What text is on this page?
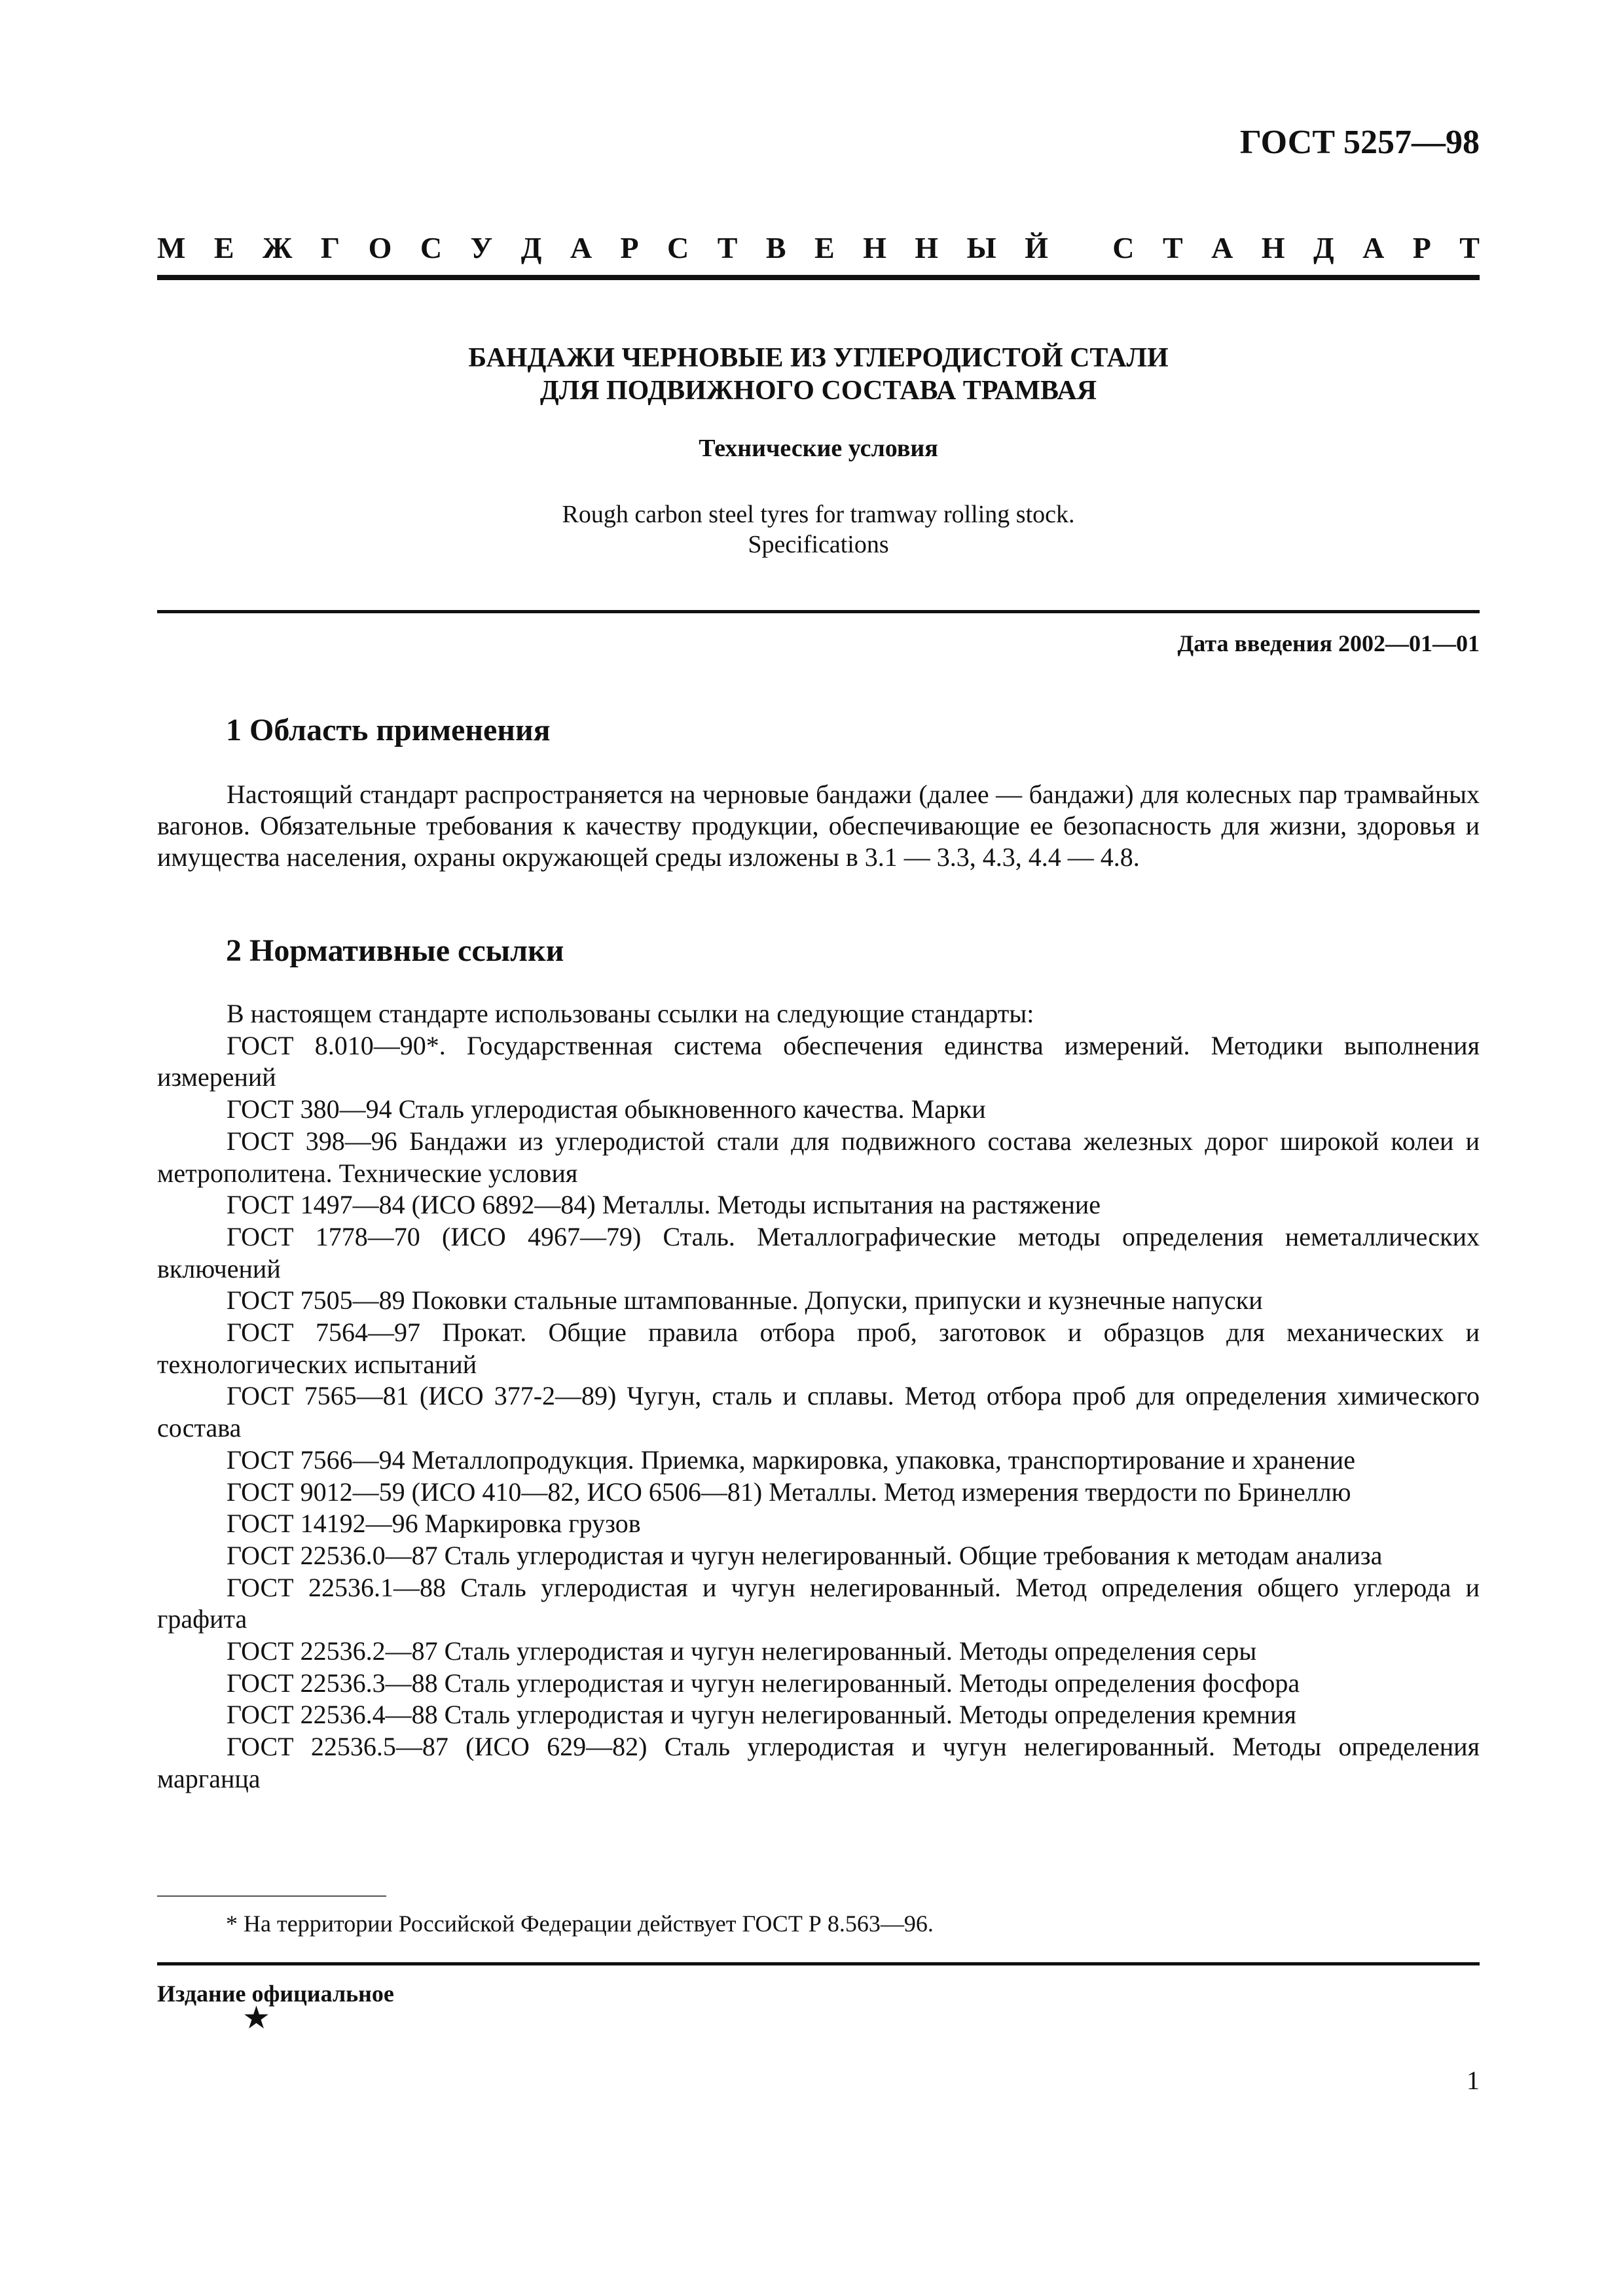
ГОСТ 5257—98
М Е Ж Г О С У Д А Р С Т В Е Н Н Ы Й
С Т А Н Д А Р Т
БАНДАЖИ ЧЕРНОВЫЕ ИЗ УГЛЕРОДИСТОЙ СТАЛИ
ДЛЯ ПОДВИЖНОГО СОСТАВА ТРАМВАЯ
Технические условия
Rough carbon steel tyres for tramway rolling stock.
Specifications
Дата введения 2002—01—01
1 Область применения
Настоящий стандарт распространяется на черновые бандажи (далее — бандажи) для колесных пар трамвайных вагонов. Обязательные требования к качеству продукции, обеспечивающие ее безопасность для жизни, здоровья и имущества населения, охраны окружающей среды изложены в 3.1 — 3.3, 4.3, 4.4 — 4.8.
2 Нормативные ссылки

В настоящем стандарте использованы ссылки на следующие стандарты:

ГОСТ 8.010—90*. Государственная система обеспечения единства измерений. Методики выполнения измерений

ГОСТ 380—94 Сталь углеродистая обыкновенного качества. Марки

ГОСТ 398—96 Бандажи из углеродистой стали для подвижного состава железных дорог широкой колеи и метрополитена. Технические условия

ГОСТ 1497—84 (ИСО 6892—84) Металлы. Методы испытания на растяжение

ГОСТ 1778—70 (ИСО 4967—79) Сталь. Металлографические методы определения неметаллических включений

ГОСТ 7505—89 Поковки стальные штампованные. Допуски, припуски и кузнечные напуски

ГОСТ 7564—97 Прокат. Общие правила отбора проб, заготовок и образцов для механических и технологических испытаний

ГОСТ 7565—81 (ИСО 377-2—89) Чугун, сталь и сплавы. Метод отбора проб для определения химического состава

ГОСТ 7566—94 Металлопродукция. Приемка, маркировка, упаковка, транспортирование и хранение

ГОСТ 9012—59 (ИСО 410—82, ИСО 6506—81) Металлы. Метод измерения твердости по Бринеллю

ГОСТ 14192—96 Маркировка грузов

ГОСТ 22536.0—87 Сталь углеродистая и чугун нелегированный. Общие требования к методам анализа

ГОСТ 22536.1—88 Сталь углеродистая и чугун нелегированный. Метод определения общего углерода и графита

ГОСТ 22536.2—87 Сталь углеродистая и чугун нелегированный. Методы определения серы

ГОСТ 22536.3—88 Сталь углеродистая и чугун нелегированный. Методы определения фосфора

ГОСТ 22536.4—88 Сталь углеродистая и чугун нелегированный. Методы определения кремния

ГОСТ 22536.5—87 (ИСО 629—82) Сталь углеродистая и чугун нелегированный. Методы определения марганца

* На территории Российской Федерации действует ГОСТ Р 8.563—96.
Издание официальное
★
1
